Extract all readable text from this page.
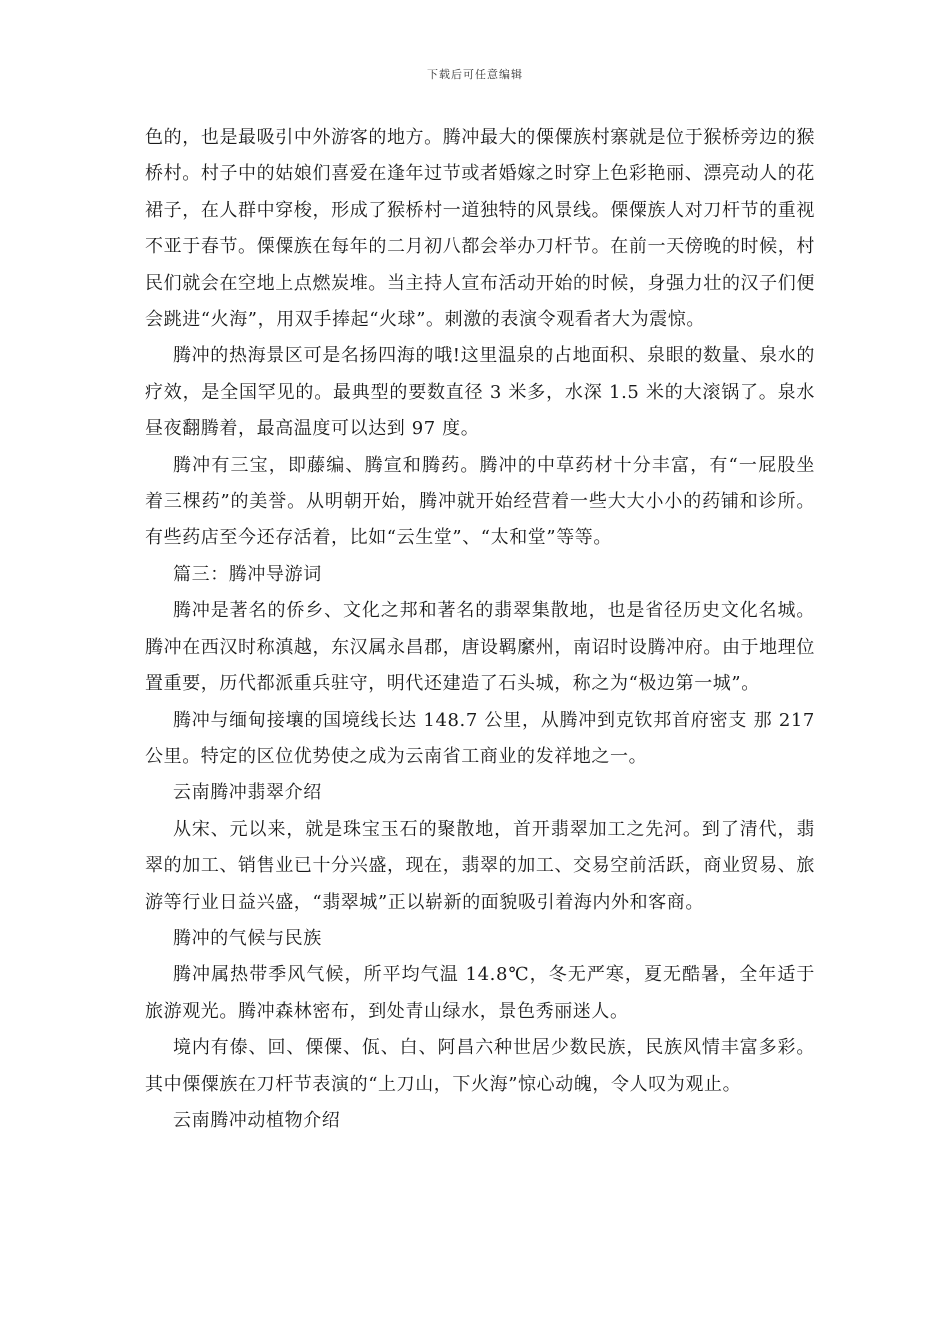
下载后可任意编辑

色的，也是最吸引中外游客的地方。腾冲最大的傈僳族村寨就是位于猴桥旁边的猴桥村。村子中的姑娘们喜爱在逢年过节或者婚嫁之时穿上色彩艳丽、漂亮动人的花裙子，在人群中穿梭，形成了猴桥村一道独特的风景线。傈僳族人对刀杆节的重视不亚于春节。傈僳族在每年的二月初八都会举办刀杆节。在前一天傍晚的时候，村民们就会在空地上点燃炭堆。当主持人宣布活动开始的时候，身强力壮的汉子们便会跳进“火海”，用双手捧起“火球”。刺激的表演令观看者大为震惊。

腾冲的热海景区可是名扬四海的哦!这里温泉的占地面积、泉眼的数量、泉水的疗效，是全国罕见的。最典型的要数直径 3 米多，水深 1.5 米的大滚锅了。泉水昼夜翻腾着，最高温度可以达到 97 度。

腾冲有三宝，即藤编、腾宣和腾药。腾冲的中草药材十分丰富，有“一屁股坐着三棵药”的美誉。从明朝开始，腾冲就开始经营着一些大大小小的药铺和诊所。有些药店至今还存活着，比如“云生堂”、“太和堂”等等。

篇三：腾冲导游词

腾冲是著名的侨乡、文化之邦和著名的翡翠集散地，也是省径历史文化名城。腾冲在西汉时称滇越，东汉属永昌郡，唐设羁縻州，南诏时设腾冲府。由于地理位置重要，历代都派重兵驻守，明代还建造了石头城，称之为“极边第一城”。

腾冲与缅甸接壤的国境线长达 148.7 公里，从腾冲到克钦邦首府密支 那 217 公里。特定的区位优势使之成为云南省工商业的发祥地之一。

云南腾冲翡翠介绍

从宋、元以来，就是珠宝玉石的聚散地，首开翡翠加工之先河。到了清代，翡翠的加工、销售业已十分兴盛，现在，翡翠的加工、交易空前活跃，商业贸易、旅游等行业日益兴盛，“翡翠城”正以崭新的面貌吸引着海内外和客商。

腾冲的气候与民族

腾冲属热带季风气候，所平均气温 14.8℃，冬无严寒，夏无酷暑，全年适于旅游观光。腾冲森林密布，到处青山绿水，景色秀丽迷人。

境内有傣、回、傈僳、佤、白、阿昌六种世居少数民族，民族风情丰富多彩。其中傈僳族在刀杆节表演的“上刀山，下火海”惊心动魄，令人叹为观止。

云南腾冲动植物介绍
